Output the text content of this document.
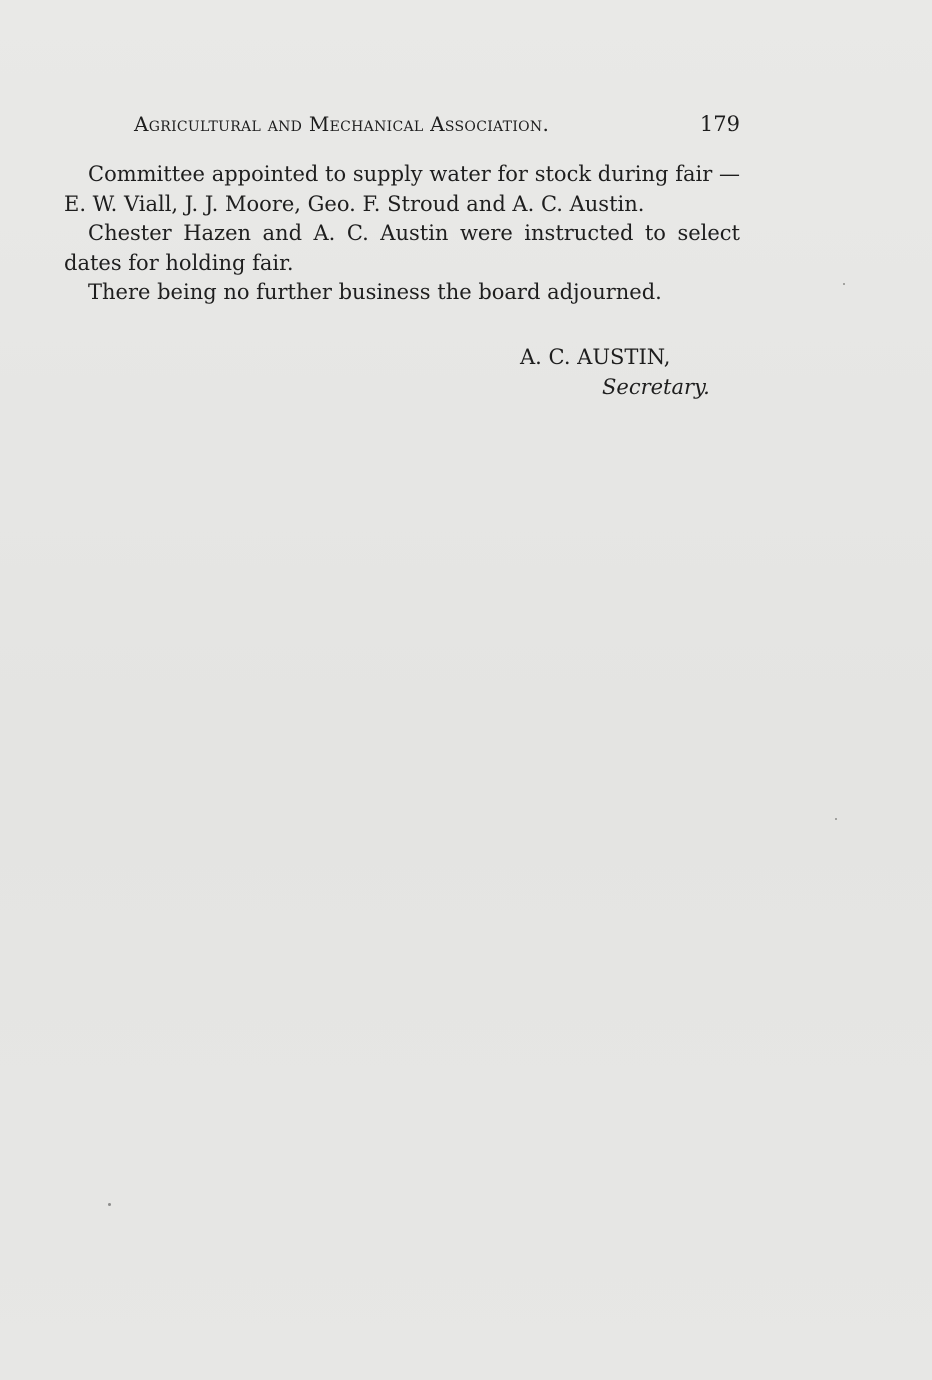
Agricultural and Mechanical Association.	179

Committee appointed to supply water for stock during fair — E. W. Viall, J. J. Moore, Geo. F. Stroud and A. C. Austin.

Chester Hazen and A. C. Austin were instructed to select dates for holding fair.

There being no further business the board adjourned.

A. C. AUSTIN,
Secretary.
